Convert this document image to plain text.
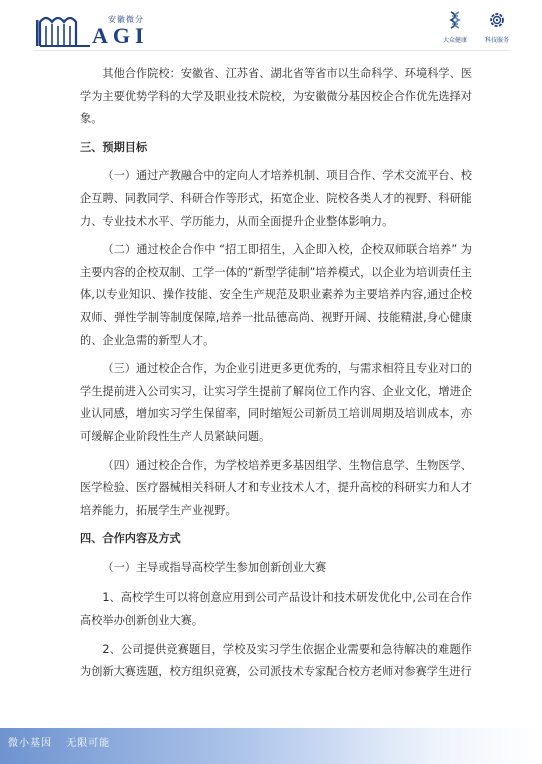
安徽微分
AGI	大众健康	科技服务

其他合作院校：安徽省、江苏省、湖北省等省市以生命科学、环境科学、医学为主要优势学科的大学及职业技术院校，为安徽微分基因校企合作优先选择对象。

三、预期目标

（一）通过产教融合中的定向人才培养机制、项目合作、学术交流平台、校企互聘、同教同学、科研合作等形式，拓宽企业、院校各类人才的视野、科研能力、专业技术水平、学历能力，从而全面提升企业整体影响力。

（二）通过校企合作中 “招工即招生，入企即入校，企校双师联合培养” 为主要内容的企校双制、工学一体的“新型学徒制”培养模式，以企业为培训责任主体,以专业知识、操作技能、安全生产规范及职业素养为主要培养内容,通过企校双师、弹性学制等制度保障,培养一批品德高尚、视野开阔、技能精湛,身心健康的、企业急需的新型人才。

（三）通过校企合作，为企业引进更多更优秀的，与需求相符且专业对口的学生提前进入公司实习，让实习学生提前了解岗位工作内容、企业文化，增进企业认同感，增加实习学生保留率，同时缩短公司新员工培训周期及培训成本，亦可缓解企业阶段性生产人员紧缺问题。

（四）通过校企合作，为学校培养更多基因组学、生物信息学、生物医学、医学检验、医疗器械相关科研人才和专业技术人才，提升高校的科研实力和人才培养能力，拓展学生产业视野。

四、合作内容及方式

（一）主导或指导高校学生参加创新创业大赛

1、高校学生可以将创意应用到公司产品设计和技术研发优化中,公司在合作高校举办创新创业大赛。

2、公司提供竞赛题目，学校及实习学生依据企业需要和急待解决的难题作为创新大赛选题，校方组织竞赛，公司派技术专家配合校方老师对参赛学生进行

微小基因 无限可能
